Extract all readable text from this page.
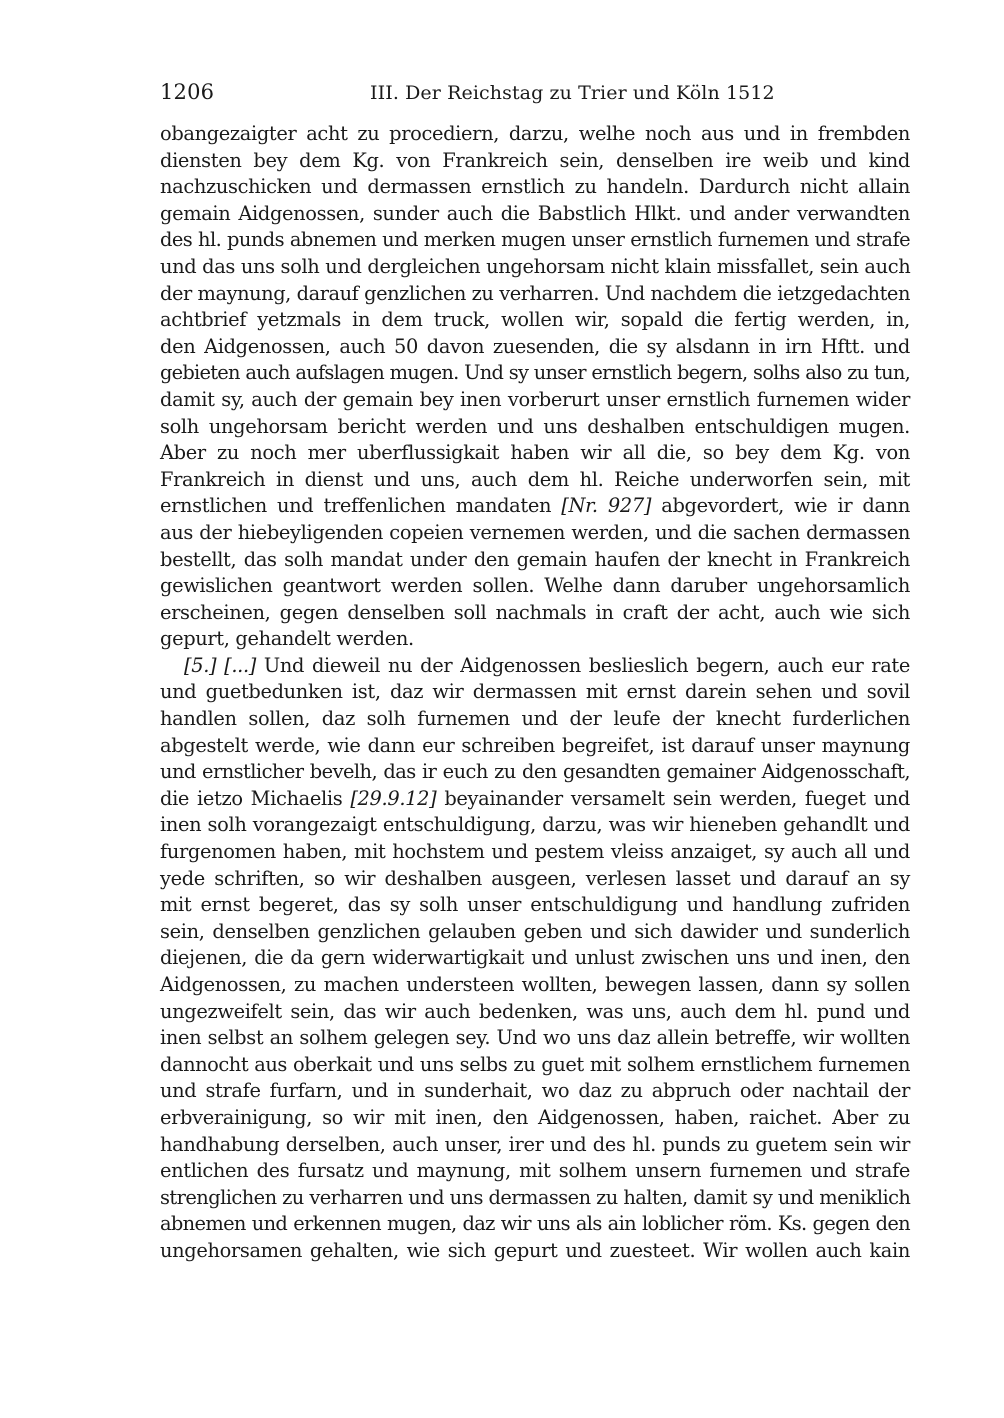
1206	III. Der Reichstag zu Trier und Köln 1512
obangezaigter acht zu procediern, darzu, welhe noch aus und in frembden
diensten bey dem Kg. von Frankreich sein, denselben ire weib und kind
nachzuschicken und dermassen ernstlich zu handeln. Dardurch nicht allain
gemain Aidgenossen, sunder auch die Babstlich Hlkt. und ander verwandten
des hl. punds abnemen und merken mugen unser ernstlich furnemen und strafe
und das uns solh und dergleichen ungehorsam nicht klain missfallet, sein auch
der maynung, darauf genzlichen zu verharren. Und nachdem die ietzgedachten
achtbrief yetzmals in dem truck, wollen wir, sopald die fertig werden, in,
den Aidgenossen, auch 50 davon zuesenden, die sy alsdann in irn Hftt. und
gebieten auch aufslagen mugen. Und sy unser ernstlich begern, solhs also zu tun,
damit sy, auch der gemain bey inen vorberurt unser ernstlich furnemen wider
solh ungehorsam bericht werden und uns deshalben entschuldigen mugen.
Aber zu noch mer uberflussigkait haben wir all die, so bey dem Kg. von
Frankreich in dienst und uns, auch dem hl. Reiche underworfen sein, mit
ernstlichen und treffenlichen mandaten [Nr. 927] abgevordert, wie ir dann
aus der hiebeyligenden copeien vernemen werden, und die sachen dermassen
bestellt, das solh mandat under den gemain haufen der knecht in Frankreich
gewislichen geantwort werden sollen. Welhe dann daruber ungehorsamlich
erscheinen, gegen denselben soll nachmals in craft der acht, auch wie sich
gepurt, gehandelt werden.
[5.] [...] Und dieweil nu der Aidgenossen beslieslich begern, auch eur rate
und guetbedunken ist, daz wir dermassen mit ernst darein sehen und sovil
handlen sollen, daz solh furnemen und der leufe der knecht furderlichen
abgestelt werde, wie dann eur schreiben begreifet, ist darauf unser maynung
und ernstlicher bevelh, das ir euch zu den gesandten gemainer Aidgenosschaft,
die ietzo Michaelis [29.9.12] beyainander versamelt sein werden, fueget und
inen solh vorangezaigt entschuldigung, darzu, was wir hieneben gehandlt und
furgenomen haben, mit hochstem und pestem vleiss anzaiget, sy auch all und
yede schriften, so wir deshalben ausgeen, verlesen lasset und darauf an sy
mit ernst begeret, das sy solh unser entschuldigung und handlung zufriden
sein, denselben genzlichen gelauben geben und sich dawider und sunderlich
diejenen, die da gern widerwartigkait und unlust zwischen uns und inen, den
Aidgenossen, zu machen understeen wollten, bewegen lassen, dann sy sollen
ungezweifelt sein, das wir auch bedenken, was uns, auch dem hl. pund und
inen selbst an solhem gelegen sey. Und wo uns daz allein betreffe, wir wollten
dannocht aus oberkait und uns selbs zu guet mit solhem ernstlichem furnemen
und strafe furfarn, und in sunderhait, wo daz zu abpruch oder nachtail der
erbverainigung, so wir mit inen, den Aidgenossen, haben, raichet. Aber zu
handhabung derselben, auch unser, irer und des hl. punds zu guetem sein wir
entlichen des fursatz und maynung, mit solhem unsern furnemen und strafe
strenglichen zu verharren und uns dermassen zu halten, damit sy und meniklich
abnemen und erkennen mugen, daz wir uns als ain loblicher röm. Ks. gegen den
ungehorsamen gehalten, wie sich gepurt und zuesteet. Wir wollen auch kain
